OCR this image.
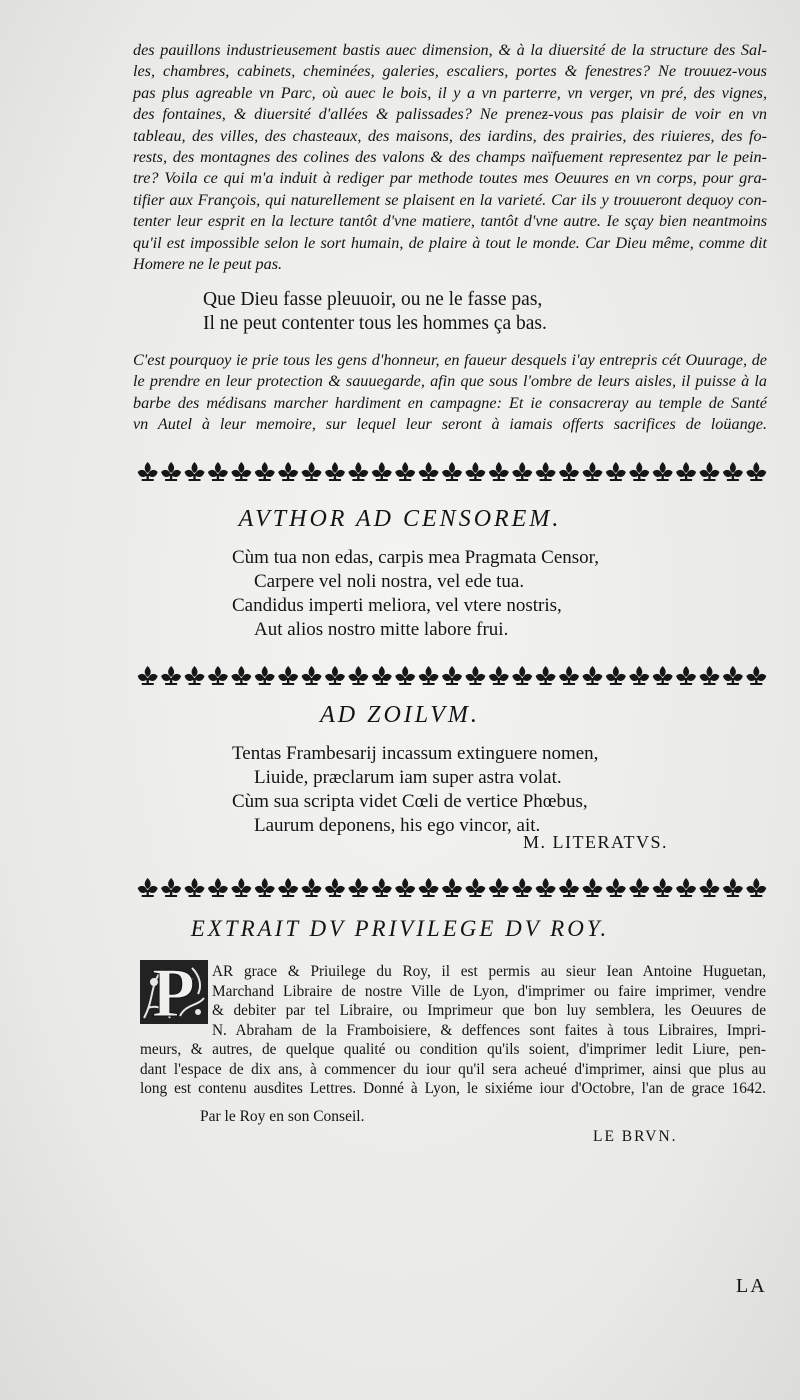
des pauillons industrieusement bastis auec dimension, & à la diuersité de la structure des Sal-
les, chambres, cabinets, cheminées, galeries, escaliers, portes & fenestres? Ne trouuez-vous
pas plus agreable vn Parc, où auec le bois, il y a vn parterre, vn verger, vn pré, des vignes,
des fontaines, & diuersité d'allées & palissades? Ne preneƶ-vous pas plaisir de voir en vn
tableau, des villes, des chasteaux, des maisons, des iardins, des prairies, des riuieres, des fo-
rests, des montagnes des colines des valons & des champs naïfuement representez par le pein-
tre? Voila ce qui m'a induit à rediger par methode toutes mes Oeuures en vn corps, pour gra-
tifier aux François, qui naturellement se plaisent en la varieté. Car ils y trouueront dequoy con-
tenter leur esprit en la lecture tantôt d'vne matiere, tantôt d'vne autre. Ie sçay bien neantmoins
qu'il est impossible selon le sort humain, de plaire à tout le monde. Car Dieu même, comme dit
Homere ne le peut pas.
Que Dieu fasse pleuuoir, ou ne le fasse pas,
Il ne peut contenter tous les hommes ça bas.
C'est pourquoy ie prie tous les gens d'honneur, en faueur desquels i'ay entrepris cét Ouurage, de
le prendre en leur protection & sauuegarde, afin que sous l'ombre de leurs aisles, il puisse à la
barbe des médisans marcher hardiment en campagne: Et ie consacreray au temple de Santé
vn Autel à leur memoire, sur lequel leur seront à iamais offerts sacrifices de loüange.
AVTHOR AD CENSOREM.
Cùm tua non edas, carpis mea Pragmata Censor,
Carpere vel noli nostra, vel ede tua.
Candidus imperti meliora, vel vtere nostris,
Aut alios nostro mitte labore frui.
AD ZOILVM.
Tentas Frambesarij incassum extinguere nomen,
Liuide, præclarum iam super astra volat.
Cùm sua scripta videt Cœli de vertice Phœbus,
Laurum deponens, his ego vincor, ait.
M. LITERATVS.
EXTRAIT DV PRIVILEGE DV ROY.
P	AR grace & Priuilege du Roy, il est permis au sieur Iean Antoine Huguetan,
Marchand Libraire de nostre Ville de Lyon, d'imprimer ou faire imprimer, vendre
& debiter par tel Libraire, ou Imprimeur que bon luy semblera, les Oeuures de
N. Abraham de la Framboisiere, & deffences sont faites à tous Libraires, Impri-
meurs, & autres, de quelque qualité ou condition qu'ils soient, d'imprimer ledit Liure, pen-
dant l'espace de dix ans, à commencer du iour qu'il sera acheué d'imprimer, ainsi que plus au
long est contenu ausdites Lettres. Donné à Lyon, le sixiéme iour d'Octobre, l'an de grace 1642.
Par le Roy en son Conseil.
LE BRVN.
LA
